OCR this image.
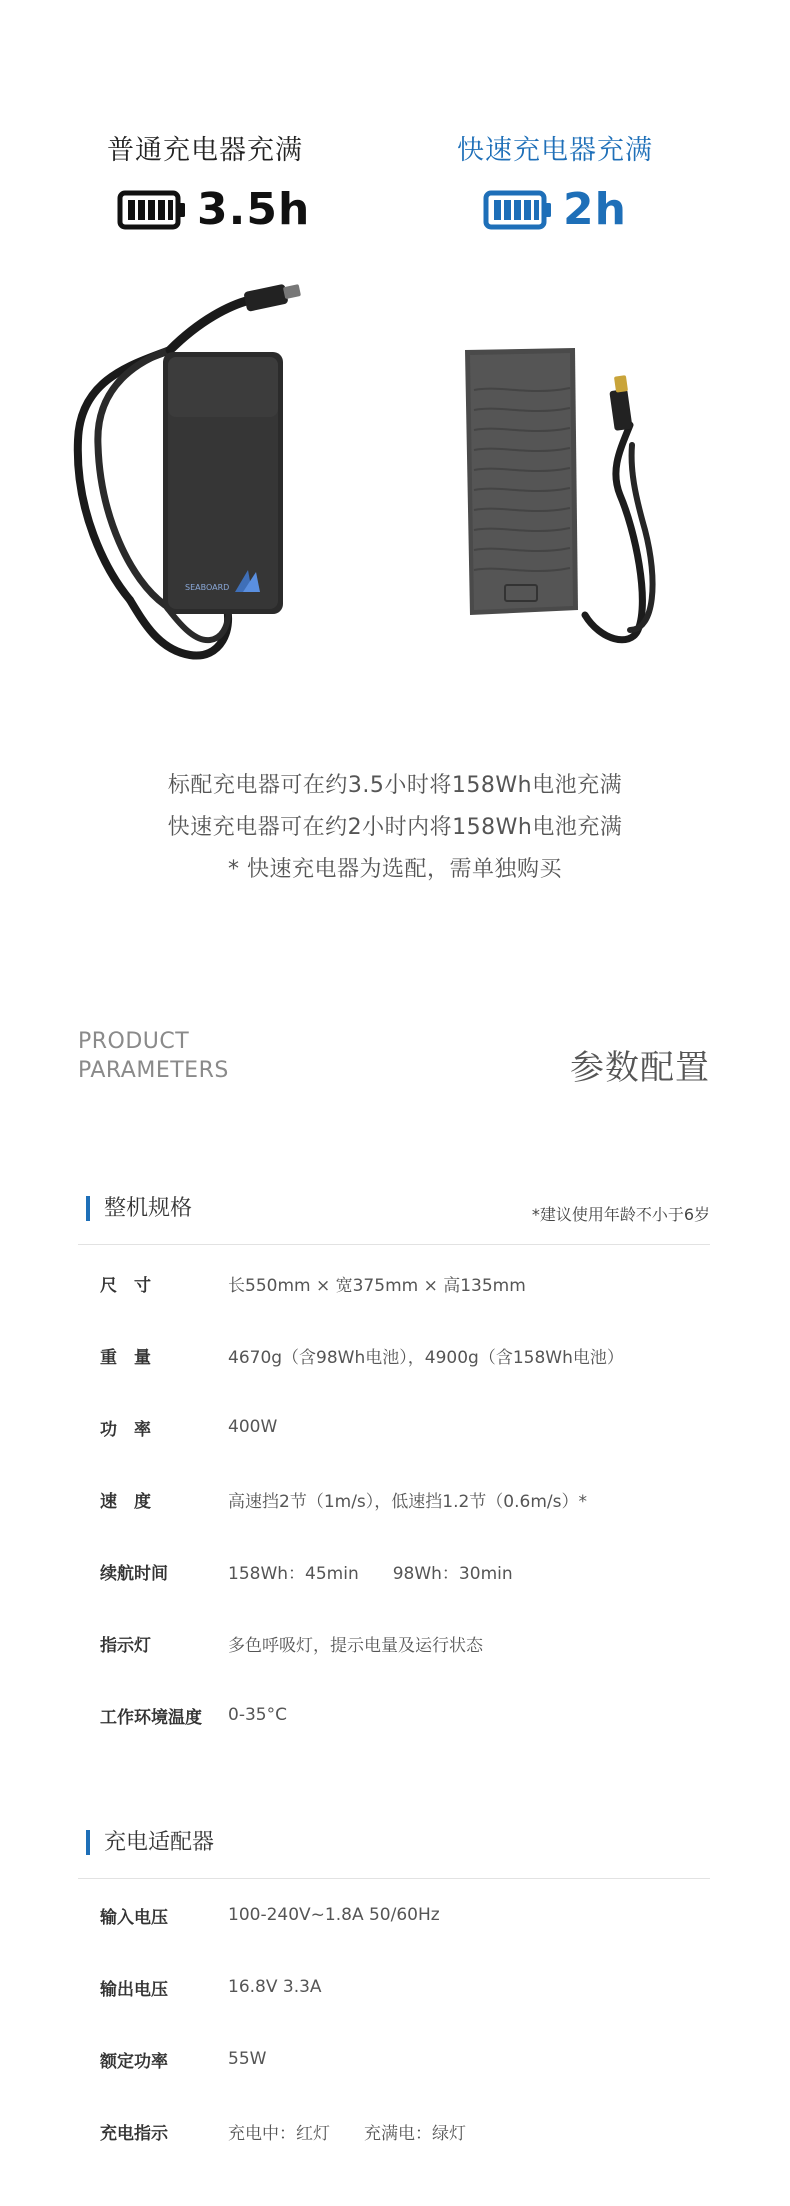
普通充电器充满	快速充电器充满
3.5h	2h
SEABOARD
标配充电器可在约3.5小时将158Wh电池充满
快速充电器可在约2小时内将158Wh电池充满
* 快速充电器为选配，需单独购买
PRODUCT
PARAMETERS	参数配置
整机规格	*建议使用年龄不小于6岁
尺　寸	长550mm × 宽375mm × 高135mm
重　量	4670g（含98Wh电池），4900g（含158Wh电池）
功　率	400W
速　度	高速挡2节（1m/s），低速挡1.2节（0.6m/s）*
续航时间	158Wh：45min　　98Wh：30min
指示灯	多色呼吸灯，提示电量及运行状态
工作环境温度	0-35°C
充电适配器
输入电压	100-240V~1.8A 50/60Hz
输出电压	16.8V 3.3A
额定功率	55W
充电指示	充电中：红灯　　充满电：绿灯
